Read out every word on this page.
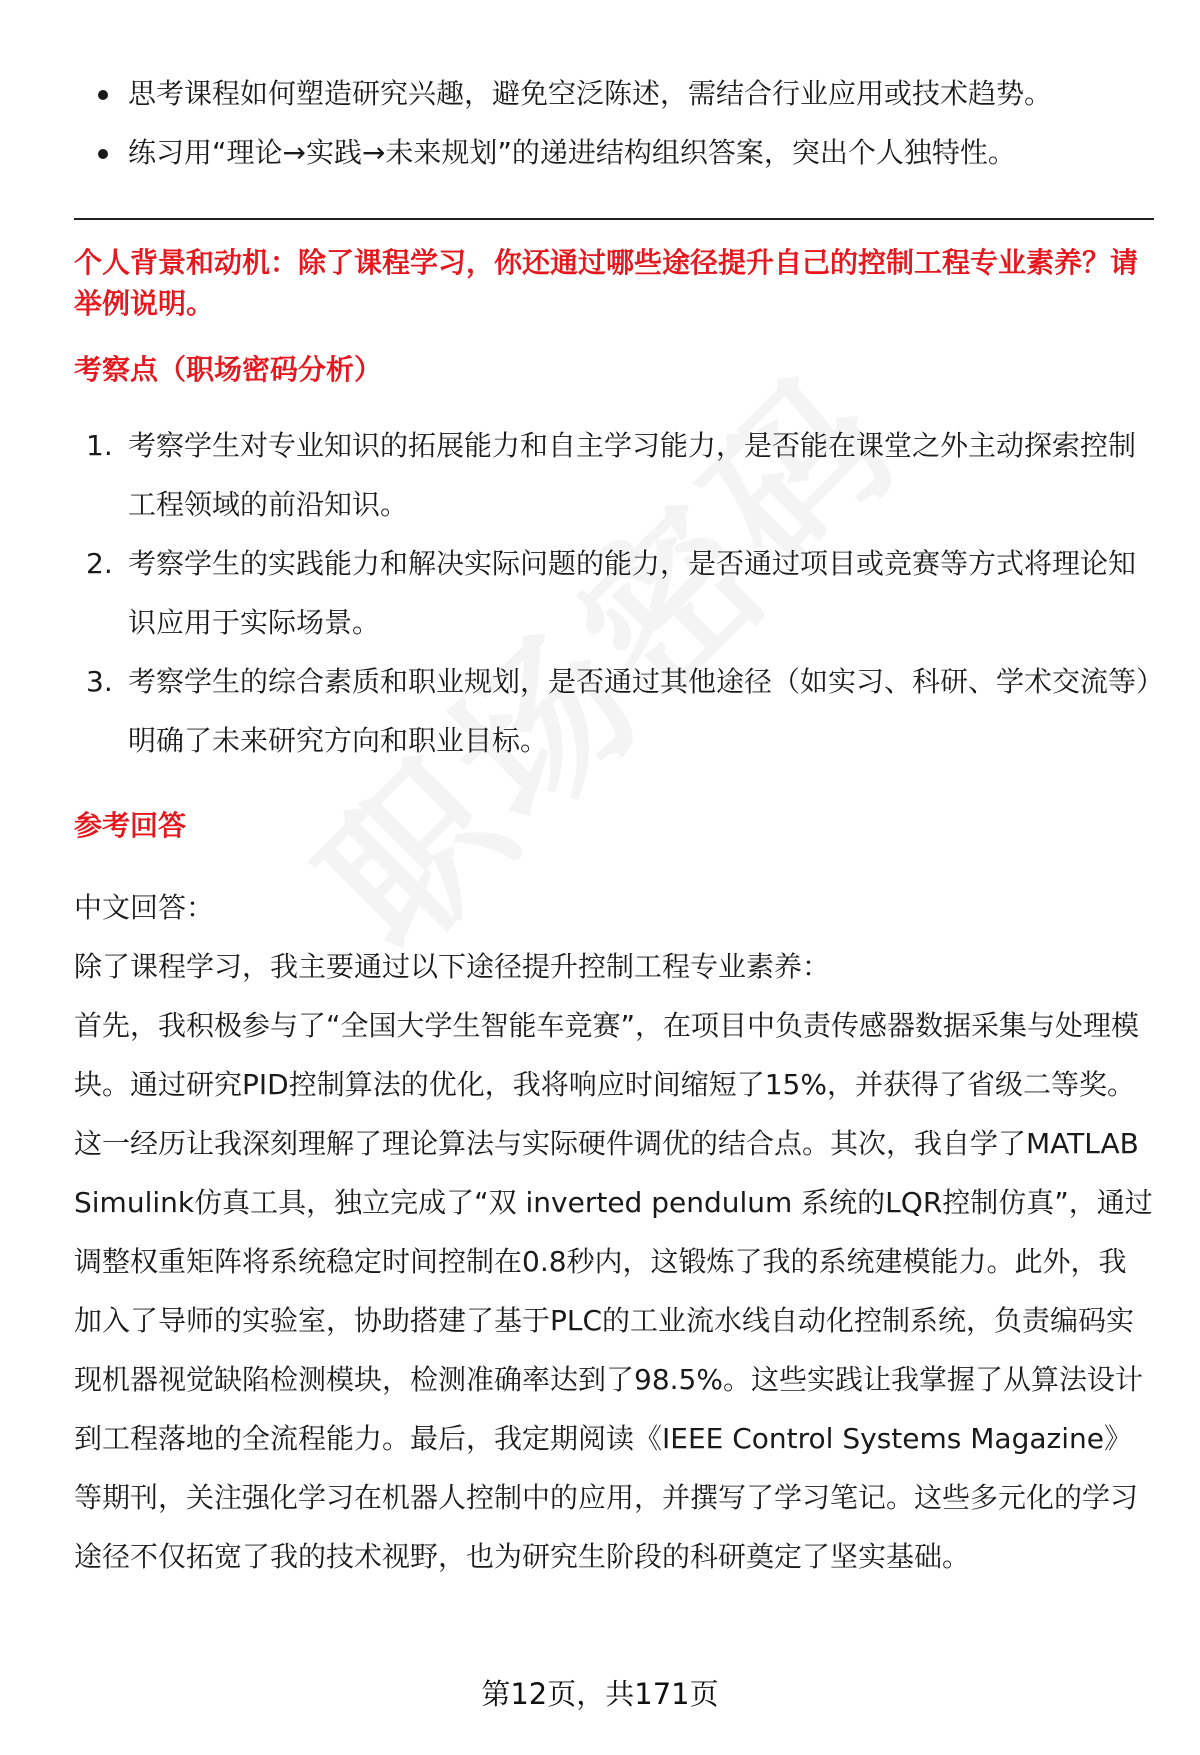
思考课程如何塑造研究兴趣，避免空泛陈述，需结合行业应用或技术趋势。
练习用“理论→实践→未来规划”的递进结构组织答案，突出个人独特性。
个人背景和动机：除了课程学习，你还通过哪些途径提升自己的控制工程专业素养？请举例说明。
考察点（职场密码分析）
1. 考察学生对专业知识的拓展能力和自主学习能力，是否能在课堂之外主动探索控制工程领域的前沿知识。
2. 考察学生的实践能力和解决实际问题的能力，是否通过项目或竞赛等方式将理论知识应用于实际场景。
3. 考察学生的综合素质和职业规划，是否通过其他途径（如实习、科研、学术交流等）明确了未来研究方向和职业目标。
参考回答

中文回答：

除了课程学习，我主要通过以下途径提升控制工程专业素养：

首先，我积极参与了“全国大学生智能车竞赛”，在项目中负责传感器数据采集与处理模块。通过研究PID控制算法的优化，我将响应时间缩短了15%，并获得了省级二等奖。这一经历让我深刻理解了理论算法与实际硬件调优的结合点。其次，我自学了MATLAB Simulink仿真工具，独立完成了“双 inverted pendulum 系统的LQR控制仿真”，通过调整权重矩阵将系统稳定时间控制在0.8秒内，这锻炼了我的系统建模能力。此外，我加入了导师的实验室，协助搭建了基于PLC的工业流水线自动化控制系统，负责编码实现机器视觉缺陷检测模块，检测准确率达到了98.5%。这些实践让我掌握了从算法设计到工程落地的全流程能力。最后，我定期阅读《IEEE Control Systems Magazine》等期刊，关注强化学习在机器人控制中的应用，并撰写了学习笔记。这些多元化的学习途径不仅拓宽了我的技术视野，也为研究生阶段的科研奠定了坚实基础。

第12页，共171页
